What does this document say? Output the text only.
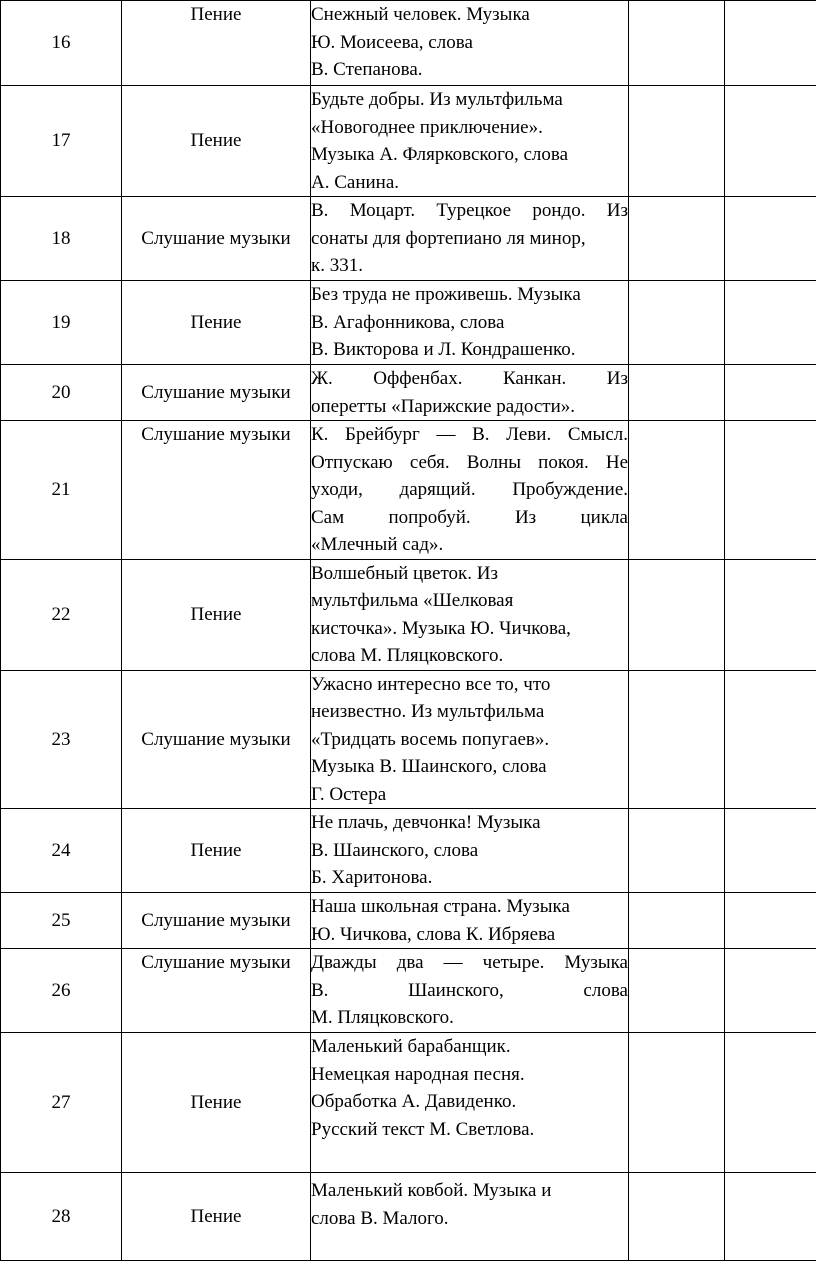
16	Пение	Снежный человек. Музыка
Ю. Моисеева, слова
В. Степанова.		

17	Пение	Будьте добры. Из мультфильма
«Новогоднее приключение».
Музыка А. Флярковского, слова
А. Санина.		

18	Слушание музыки	В. Моцарт. Турецкое рондо. Из
сонаты для фортепиано ля минор,
к. 331.		

19	Пение	Без труда не проживешь. Музыка
В. Агафонникова, слова
В. Викторова и Л. Кондрашенко.		

20	Слушание музыки	Ж. Оффенбах. Канкан. Из
оперетты «Парижские радости».		

21	Слушание музыки	К. Брейбург — В. Леви. Смысл.
Отпускаю себя. Волны покоя. Не
уходи, дарящий. Пробуждение.
Сам попробуй. Из цикла
«Млечный сад».		

22	Пение	Волшебный цветок. Из
мультфильма «Шелковая
кисточка». Музыка Ю. Чичкова,
слова М. Пляцковского.		

23	Слушание музыки	Ужасно интересно все то, что
неизвестно. Из мультфильма
«Тридцать восемь попугаев».
Музыка В. Шаинского, слова
Г. Остера		

24	Пение	Не плачь, девчонка! Музыка
В. Шаинского, слова
Б. Харитонова.		

25	Слушание музыки	Наша школьная страна. Музыка
Ю. Чичкова, слова К. Ибряева		

26	Слушание музыки	Дважды два — четыре. Музыка
В. Шаинского, слова
М. Пляцковского.		

27	Пение	Маленький барабанщик.
Немецкая народная песня.
Обработка А. Давиденко.
Русский текст М. Светлова.		

28	Пение	Маленький ковбой. Музыка и
слова В. Малого.		
